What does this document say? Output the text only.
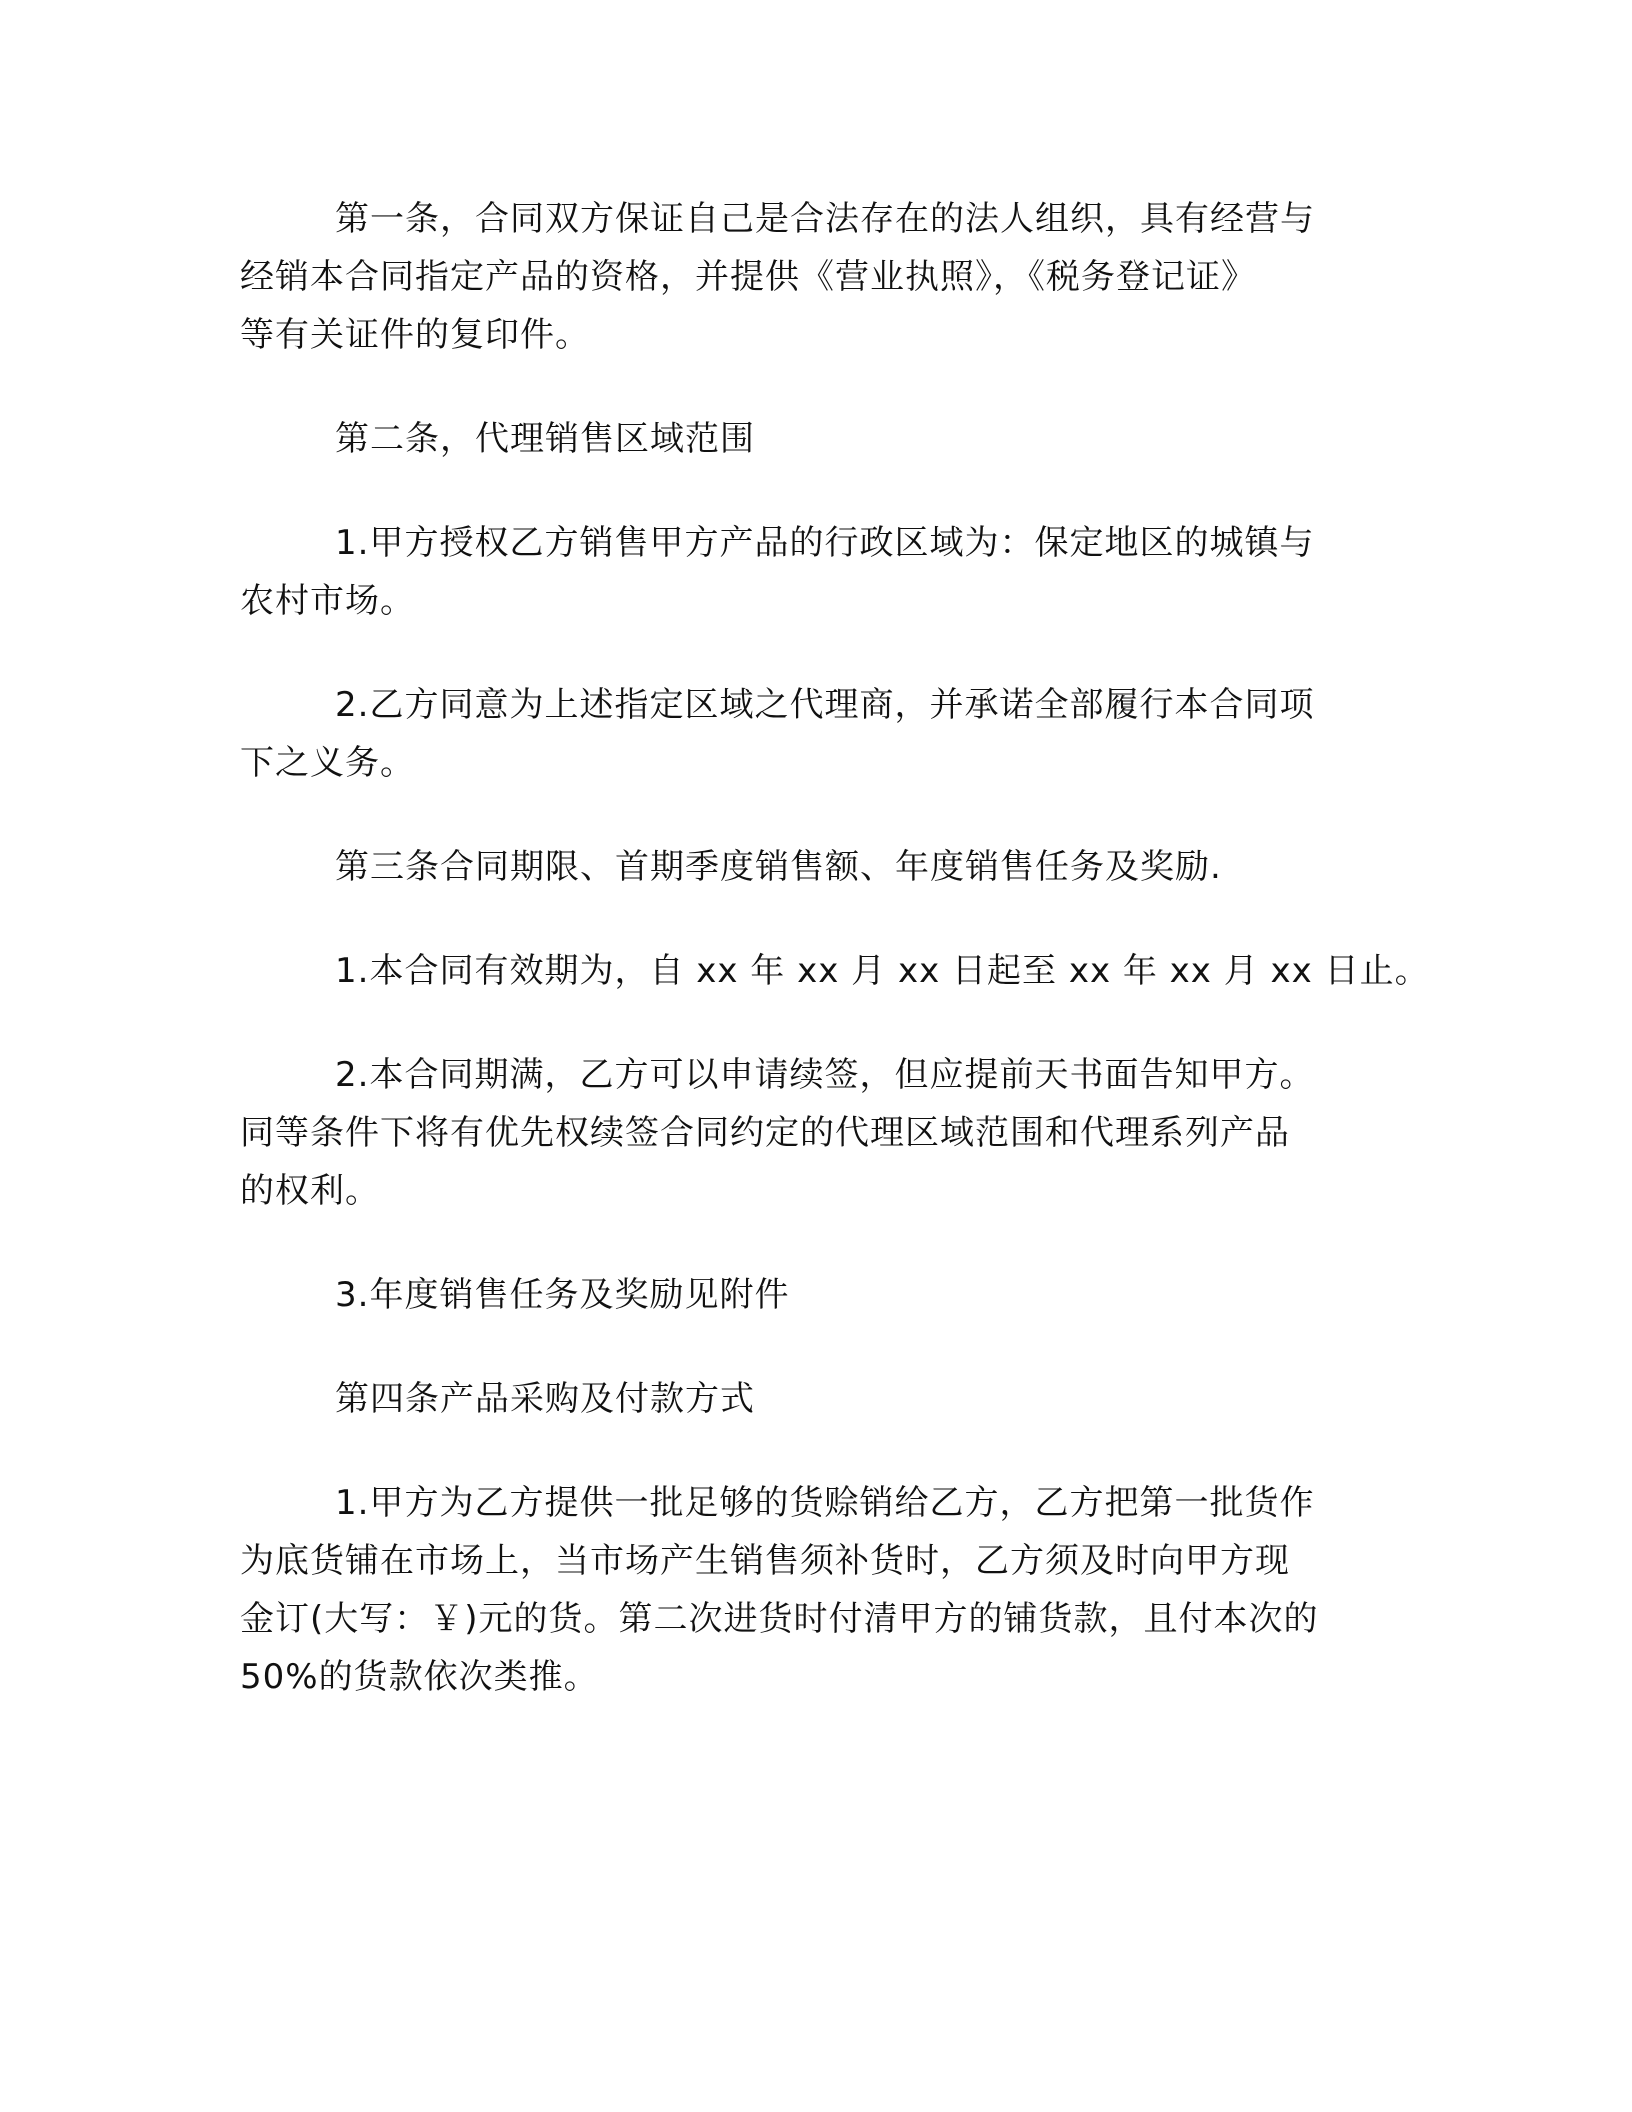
第一条，合同双方保证自己是合法存在的法人组织，具有经营与
经销本合同指定产品的资格，并提供《营业执照》，《税务登记证》
等有关证件的复印件。

第二条，代理销售区域范围

1.甲方授权乙方销售甲方产品的行政区域为：保定地区的城镇与
农村市场。

2.乙方同意为上述指定区域之代理商，并承诺全部履行本合同项
下之义务。

第三条合同期限、首期季度销售额、年度销售任务及奖励.

1.本合同有效期为，自 xx 年 xx 月 xx 日起至 xx 年 xx 月 xx 日止。

2.本合同期满，乙方可以申请续签，但应提前天书面告知甲方。
同等条件下将有优先权续签合同约定的代理区域范围和代理系列产品
的权利。

3.年度销售任务及奖励见附件

第四条产品采购及付款方式

1.甲方为乙方提供一批足够的货赊销给乙方，乙方把第一批货作
为底货铺在市场上，当市场产生销售须补货时，乙方须及时向甲方现
金订(大写：￥)元的货。第二次进货时付清甲方的铺货款，且付本次的
50%的货款依次类推。
